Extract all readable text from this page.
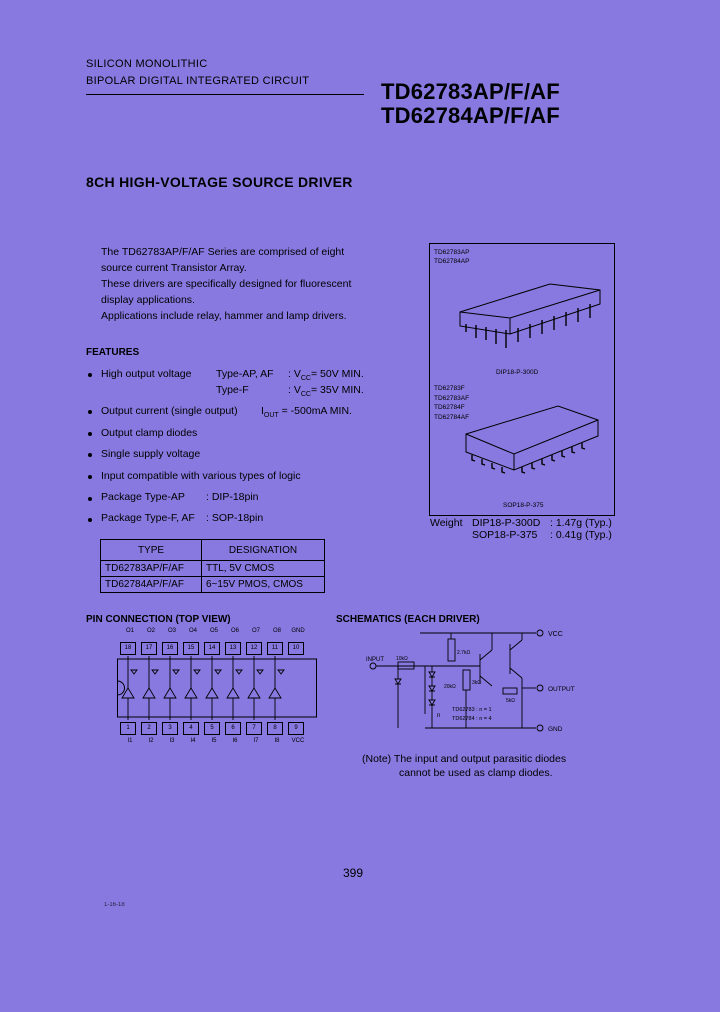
SILICON MONOLITHIC
BIPOLAR DIGITAL INTEGRATED CIRCUIT	TD62783AP/F/AF
TD62784AP/F/AF
8CH HIGH-VOLTAGE SOURCE DRIVER
The TD62783AP/F/AF Series are comprised of eight
source current Transistor Array.
These drivers are specifically designed for fluorescent
display applications.
Applications include relay, hammer and lamp drivers.
FEATURES
High output voltage Type-AP, AF : $V_{CC}= 50V$ MIN.
Type-F	: $V_{CC}= 35V$ MIN.
Output current (single output) $I_{OUT} = -500mA$ MIN.
Output clamp diodes
Single supply voltage
Input compatible with various types of logic
Package Type-AP : DIP-18pin
Package Type-F, AF : SOP-18pin
TYPE	DESIGNATION
TD62783AP/F/AF	TTL, 5V CMOS
TD62784AP/F/AF	6~15V PMOS, CMOS
TD62783AP
TD62784AP
DIP18-P-300D
TD62783F
TD62783AF
TD62784F
TD62784AF
SOP18-P-375
Weight DIP18-P-300D : 1.47g (Typ.)
SOP18-P-375 : 0.41g (Typ.)
PIN CONNECTION (TOP VIEW)
O1	O2	O3	O4	O5	O6	O7	O8	GND
18	17	16	15	14	13	12	11	10
1	2	3	4	5	6	7	8	9
I1	I2	I3	I4	I5	I6	I7	I8	VCC
SCHEMATICS (EACH DRIVER)
VCC
INPUT
OUTPUT
GND
10kΩ
2.7kΩ
3kΩ
20kΩ
5kΩ
n
TD62783 : n = 1
TD62784 : n = 4
(Note) The input and output parasitic diodes
cannot be used as clamp diodes.
399
1-16-18
